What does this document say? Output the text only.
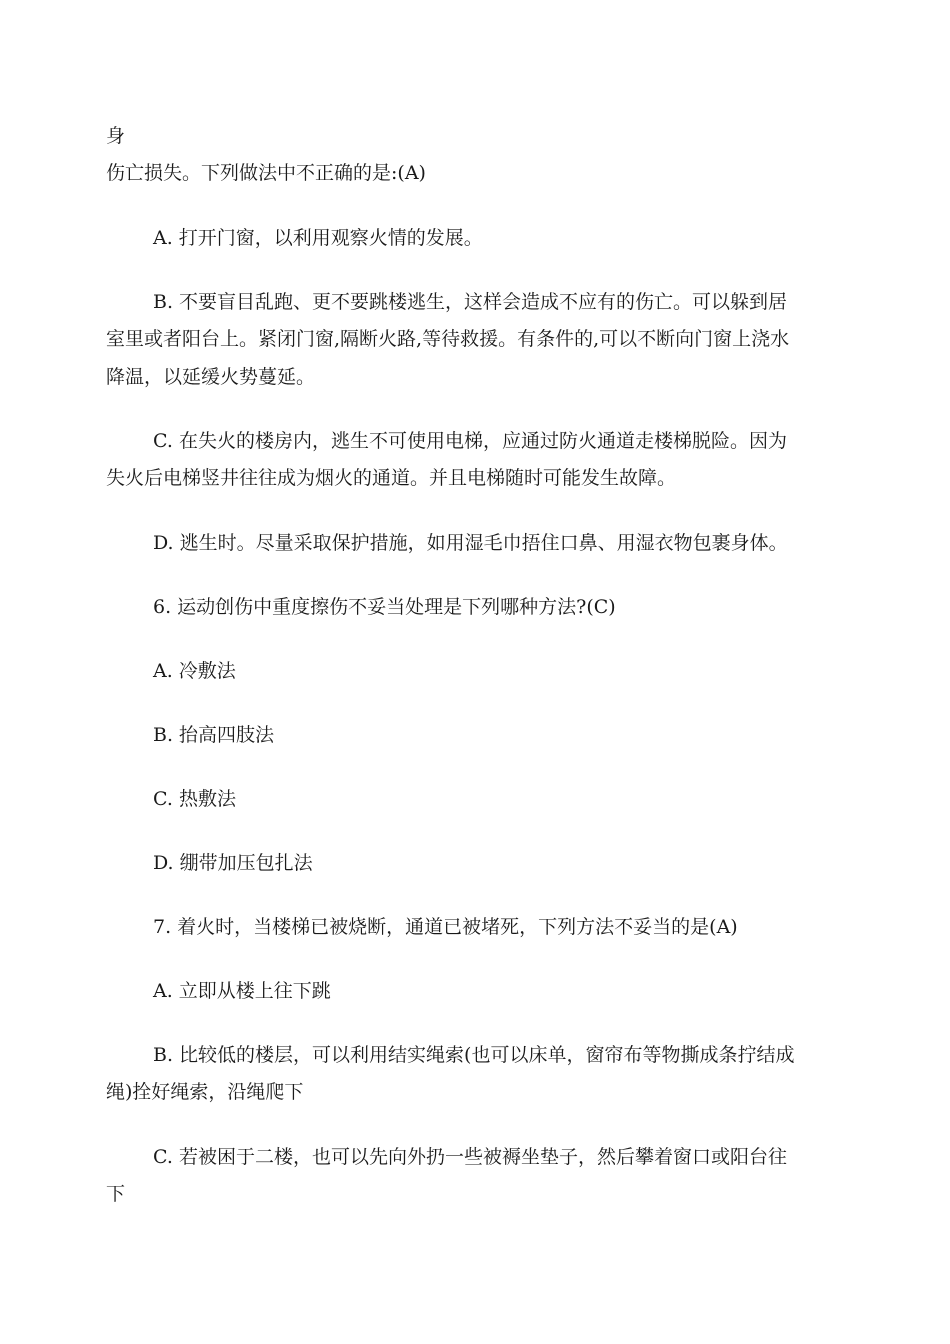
身
伤亡损失。下列做法中不正确的是:(A)
A. 打开门窗，以利用观察火情的发展。
B. 不要盲目乱跑、更不要跳楼逃生，这样会造成不应有的伤亡。可以躲到居
室里或者阳台上。紧闭门窗,隔断火路,等待救援。有条件的,可以不断向门窗上浇水
降温，以延缓火势蔓延。
C. 在失火的楼房内，逃生不可使用电梯，应通过防火通道走楼梯脱险。因为
失火后电梯竖井往往成为烟火的通道。并且电梯随时可能发生故障。
D. 逃生时。尽量采取保护措施，如用湿毛巾捂住口鼻、用湿衣物包裹身体。
6. 运动创伤中重度擦伤不妥当处理是下列哪种方法?(C)
A. 冷敷法
B. 抬高四肢法
C. 热敷法
D. 绷带加压包扎法
7. 着火时，当楼梯已被烧断，通道已被堵死，下列方法不妥当的是(A)
A. 立即从楼上往下跳
B. 比较低的楼层，可以利用结实绳索(也可以床单，窗帘布等物撕成条拧结成
绳)拴好绳索，沿绳爬下
C. 若被困于二楼，也可以先向外扔一些被褥坐垫子，然后攀着窗口或阳台往
下
